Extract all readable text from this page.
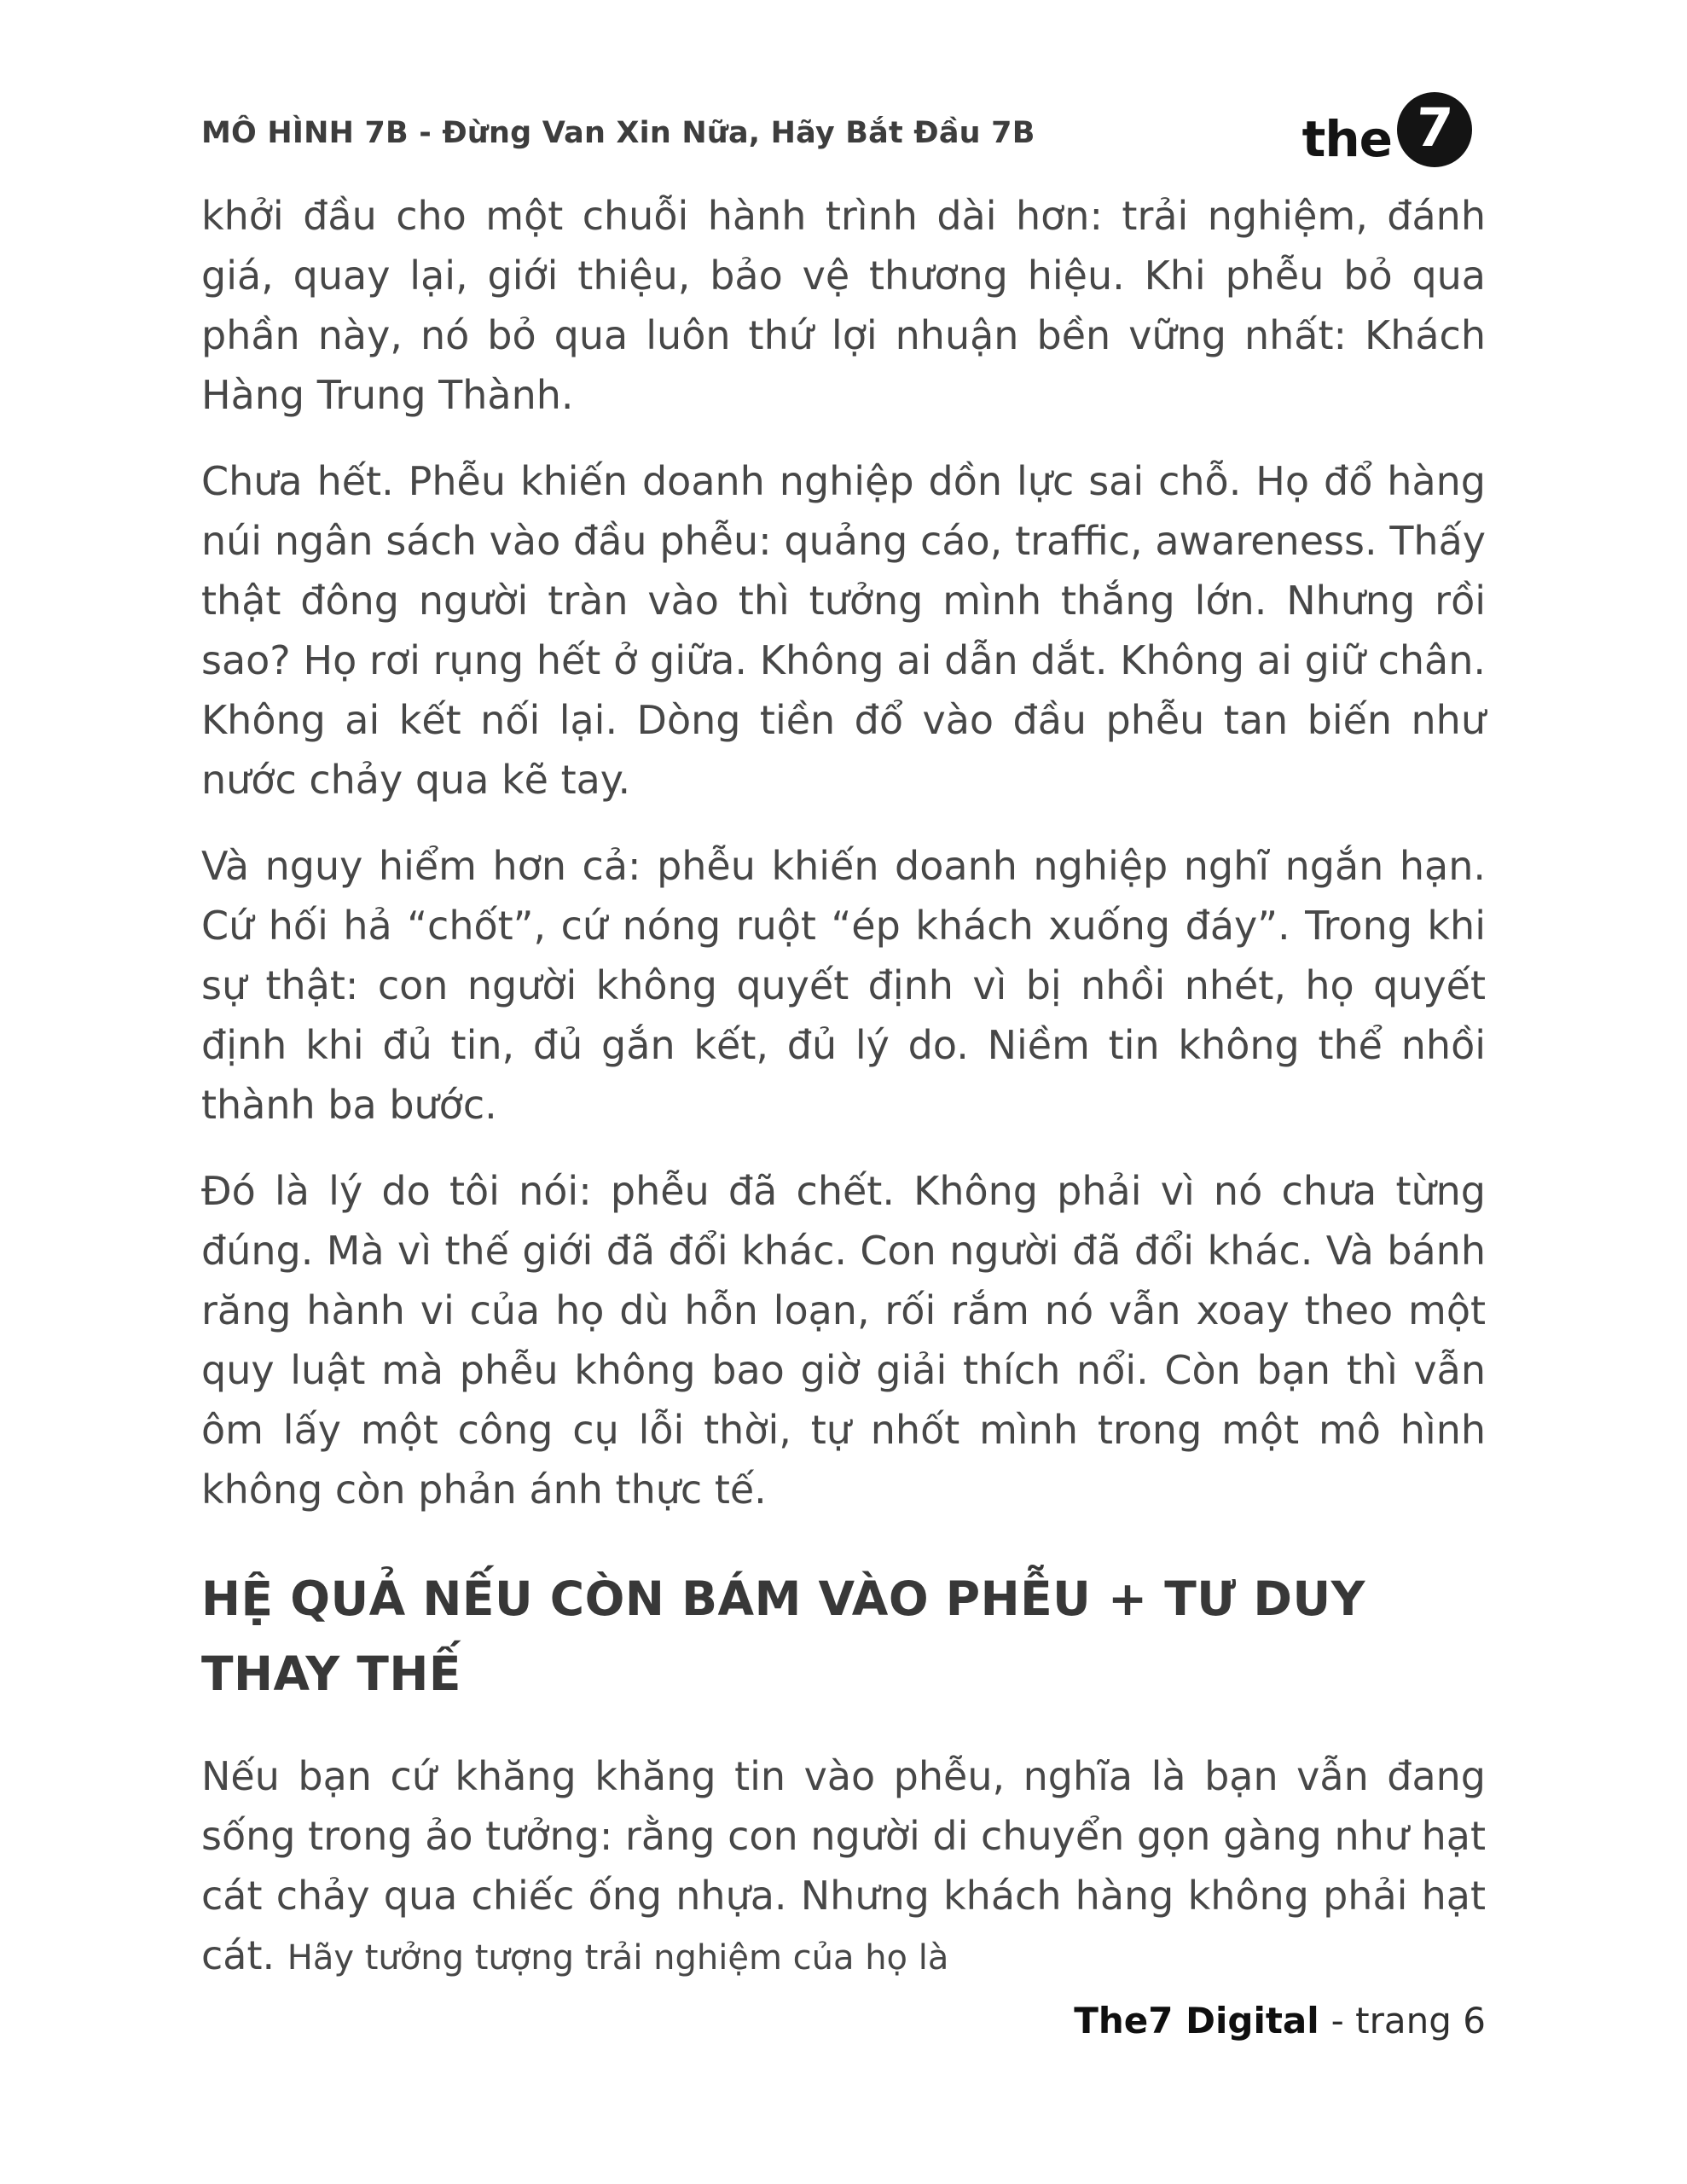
MÔ HÌNH 7B - Đừng Van Xin Nữa, Hãy Bắt Đầu 7B	the 7

khởi đầu cho một chuỗi hành trình dài hơn: trải nghiệm, đánh giá, quay lại, giới thiệu, bảo vệ thương hiệu. Khi phễu bỏ qua phần này, nó bỏ qua luôn thứ lợi nhuận bền vững nhất: Khách Hàng Trung Thành.

Chưa hết. Phễu khiến doanh nghiệp dồn lực sai chỗ. Họ đổ hàng núi ngân sách vào đầu phễu: quảng cáo, traffic, awareness. Thấy thật đông người tràn vào thì tưởng mình thắng lớn. Nhưng rồi sao? Họ rơi rụng hết ở giữa. Không ai dẫn dắt. Không ai giữ chân. Không ai kết nối lại. Dòng tiền đổ vào đầu phễu tan biến như nước chảy qua kẽ tay.

Và nguy hiểm hơn cả: phễu khiến doanh nghiệp nghĩ ngắn hạn. Cứ hối hả “chốt”, cứ nóng ruột “ép khách xuống đáy”. Trong khi sự thật: con người không quyết định vì bị nhồi nhét, họ quyết định khi đủ tin, đủ gắn kết, đủ lý do. Niềm tin không thể nhồi thành ba bước.

Đó là lý do tôi nói: phễu đã chết. Không phải vì nó chưa từng đúng. Mà vì thế giới đã đổi khác. Con người đã đổi khác. Và bánh răng hành vi của họ dù hỗn loạn, rối rắm nó vẫn xoay theo một quy luật mà phễu không bao giờ giải thích nổi. Còn bạn thì vẫn ôm lấy một công cụ lỗi thời, tự nhốt mình trong một mô hình không còn phản ánh thực tế.

HỆ QUẢ NẾU CÒN BÁM VÀO PHỄU + TƯ DUY THAY THẾ

Nếu bạn cứ khăng khăng tin vào phễu, nghĩa là bạn vẫn đang sống trong ảo tưởng: rằng con người di chuyển gọn gàng như hạt cát chảy qua chiếc ống nhựa. Nhưng khách hàng không phải hạt cát. Hãy tưởng tượng trải nghiệm của họ là

The7 Digital - trang 6
